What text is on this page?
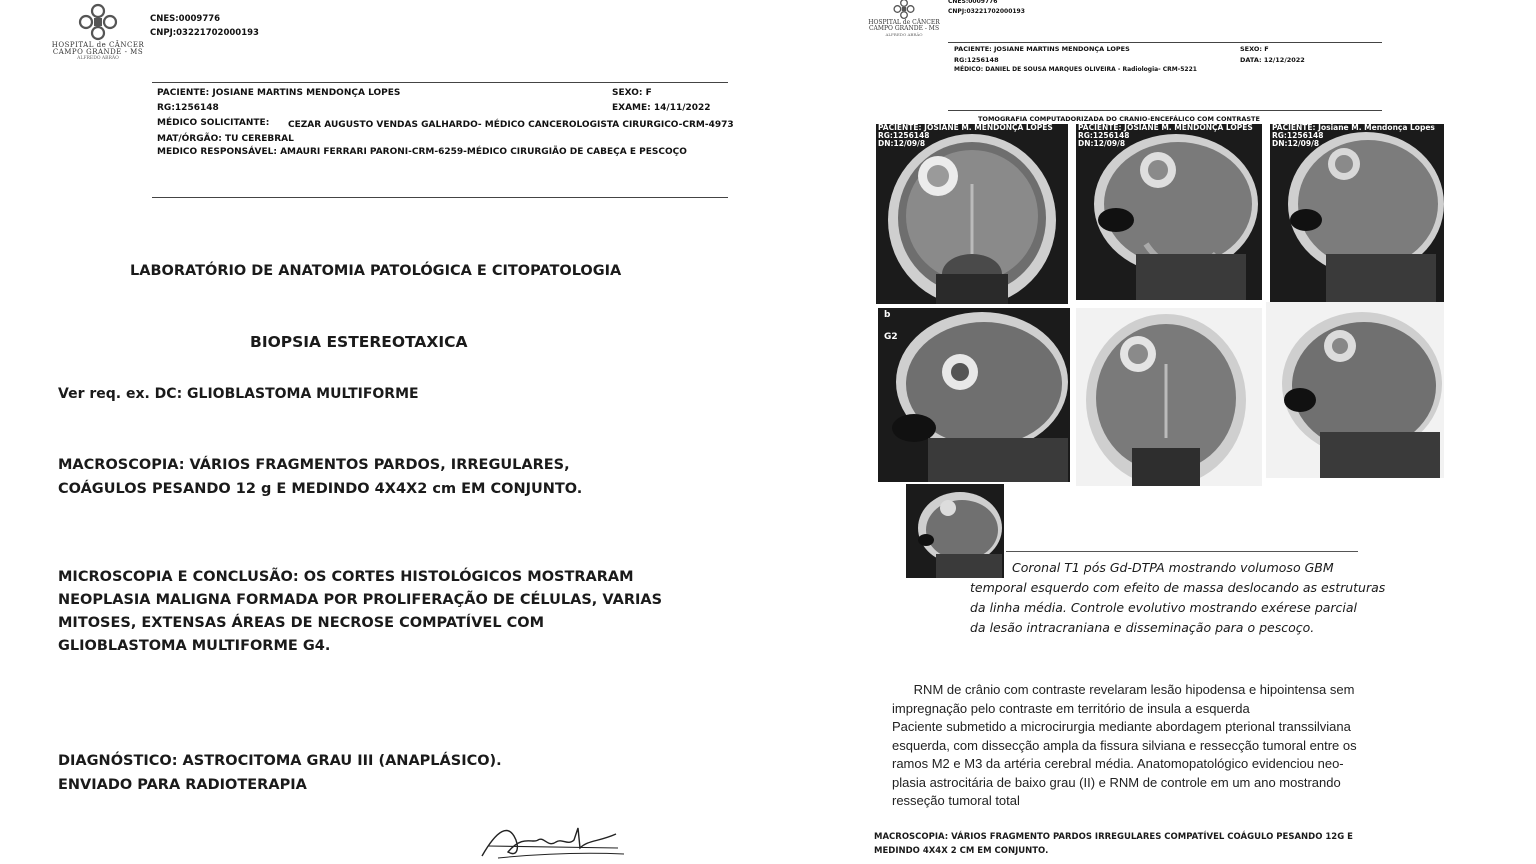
HOSPITAL de CÂNCER
CAMPO GRANDE - MS
ALFREDO ABRÃO
CNES:0009776
CNPJ:03221702000193
PACIENTE: JOSIANE MARTINS MENDONÇA LOPES	SEXO: F
RG:1256148	EXAME: 14/11/2022
MÉDICO SOLICITANTE: CEZAR AUGUSTO VENDAS GALHARDO- MÉDICO CANCEROLOGISTA CIRURGICO-CRM-4973
MAT/ÓRGÃO: TU CEREBRAL
MEDICO RESPONSÁVEL: AMAURI FERRARI PARONI-CRM-6259-MÉDICO CIRURGIÃO DE CABEÇA E PESCOÇO
LABORATÓRIO DE ANATOMIA PATOLÓGICA E CITOPATOLOGIA
BIOPSIA ESTEREOTAXICA
Ver req. ex. DC: GLIOBLASTOMA MULTIFORME
MACROSCOPIA: VÁRIOS FRAGMENTOS PARDOS, IRREGULARES,
COÁGULOS PESANDO 12 g E MEDINDO 4X4X2 cm EM CONJUNTO.
MICROSCOPIA E CONCLUSÃO: OS CORTES HISTOLÓGICOS MOSTRARAM
NEOPLASIA MALIGNA FORMADA POR PROLIFERAÇÃO DE CÉLULAS, VARIAS
MITOSES, EXTENSAS ÁREAS DE NECROSE COMPATÍVEL COM
GLIOBLASTOMA MULTIFORME G4.
DIAGNÓSTICO: ASTROCITOMA GRAU III (ANAPLÁSICO).
ENVIADO PARA RADIOTERAPIA
HOSPITAL de CÂNCER
CAMPO GRANDE - MS
ALFREDO ABRÃO
CNES:0009776
CNPJ:03221702000193
PACIENTE: JOSIANE MARTINS MENDONÇA LOPES	SEXO: F
RG:1256148	DATA: 12/12/2022
MÉDICO: DANIEL DE SOUSA MARQUES OLIVEIRA - Radiologia- CRM-5221
TOMOGRAFIA COMPUTADORIZADA DO CRANIO-ENCEFÁLICO COM CONTRASTE
PACIENTE: JOSIANE M. MENDONÇA LOPES
RG:1256148
DN:12/09/8
PACIENTE: JOSIANE M. MENDONÇA LOPES
RG:1256148
DN:12/09/8
PACIENTE: Josiane M. Mendonça Lopes
RG:1256148
DN:12/09/8
b
G2
Coronal T1 pós Gd-DTPA mostrando volumoso GBM
temporal esquerdo com efeito de massa deslocando as estruturas
da linha média. Controle evolutivo mostrando exérese parcial
da lesão intracraniana e disseminação para o pescoço.
RNM de crânio com contraste revelaram lesão hipodensa e hipointensa sem
impregnação pelo contraste em território de insula a esquerda
Paciente submetido a microcirurgia mediante abordagem pterional transsilviana
esquerda, com dissecção ampla da fissura silviana e ressecção tumoral entre os
ramos M2 e M3 da artéria cerebral média. Anatomopatológico evidenciou neo-
plasia astrocitária de baixo grau (II) e RNM de controle em um ano mostrando
resseção tumoral total
MACROSCOPIA: VÁRIOS FRAGMENTO PARDOS IRREGULARES COMPATÍVEL COÁGULO PESANDO 12G E
MEDINDO 4X4X 2 CM EM CONJUNTO.
